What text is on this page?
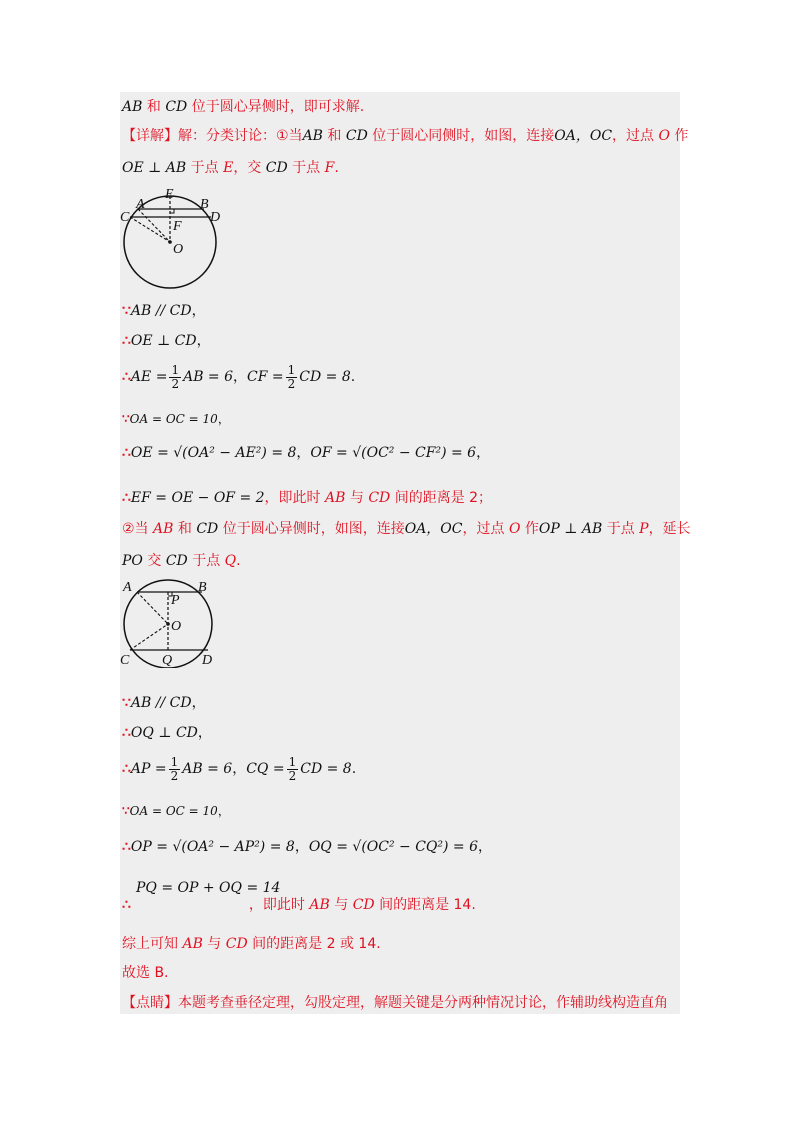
AB 和 CD 位于圆心异侧时，即可求解.
【详解】解：分类讨论：①当AB 和 CD 位于圆心同侧时，如图，连接OA，OC，过点 O 作
OE ⊥ AB 于点 E，交 CD 于点 F.
E
A	B
C	D
F
O
∵AB // CD，
∴OE ⊥ CD，
∴AE = $\frac{1}{2}$ AB = 6，CF = $\frac{1}{2}$ CD = 8.
∵OA = OC = 10，
∴OE = √(OA² − AE²) = 8，OF = √(OC² − CF²) = 6，
∴EF = OE − OF = 2，即此时 AB 与 CD 间的距离是 2；
②当 AB 和 CD 位于圆心异侧时，如图，连接OA，OC，过点 O 作OP ⊥ AB 于点 P，延长
PO 交 CD 于点 Q.
A	B
P
O
C Q D
∵AB // CD，
∴OQ ⊥ CD，
∴AP = $\frac{1}{2}$ AB = 6，CQ = $\frac{1}{2}$ CD = 8.
∵OA = OC = 10，
∴OP = √(OA² − AP²) = 8，OQ = √(OC² − CQ²) = 6，
PQ = OP + OQ = 14
∴	，即此时 AB 与 CD 间的距离是 14.
综上可知 AB 与 CD 间的距离是 2 或 14.
故选 B.
【点睛】本题考查垂径定理，勾股定理，解题关键是分两种情况讨论，作辅助线构造直角
